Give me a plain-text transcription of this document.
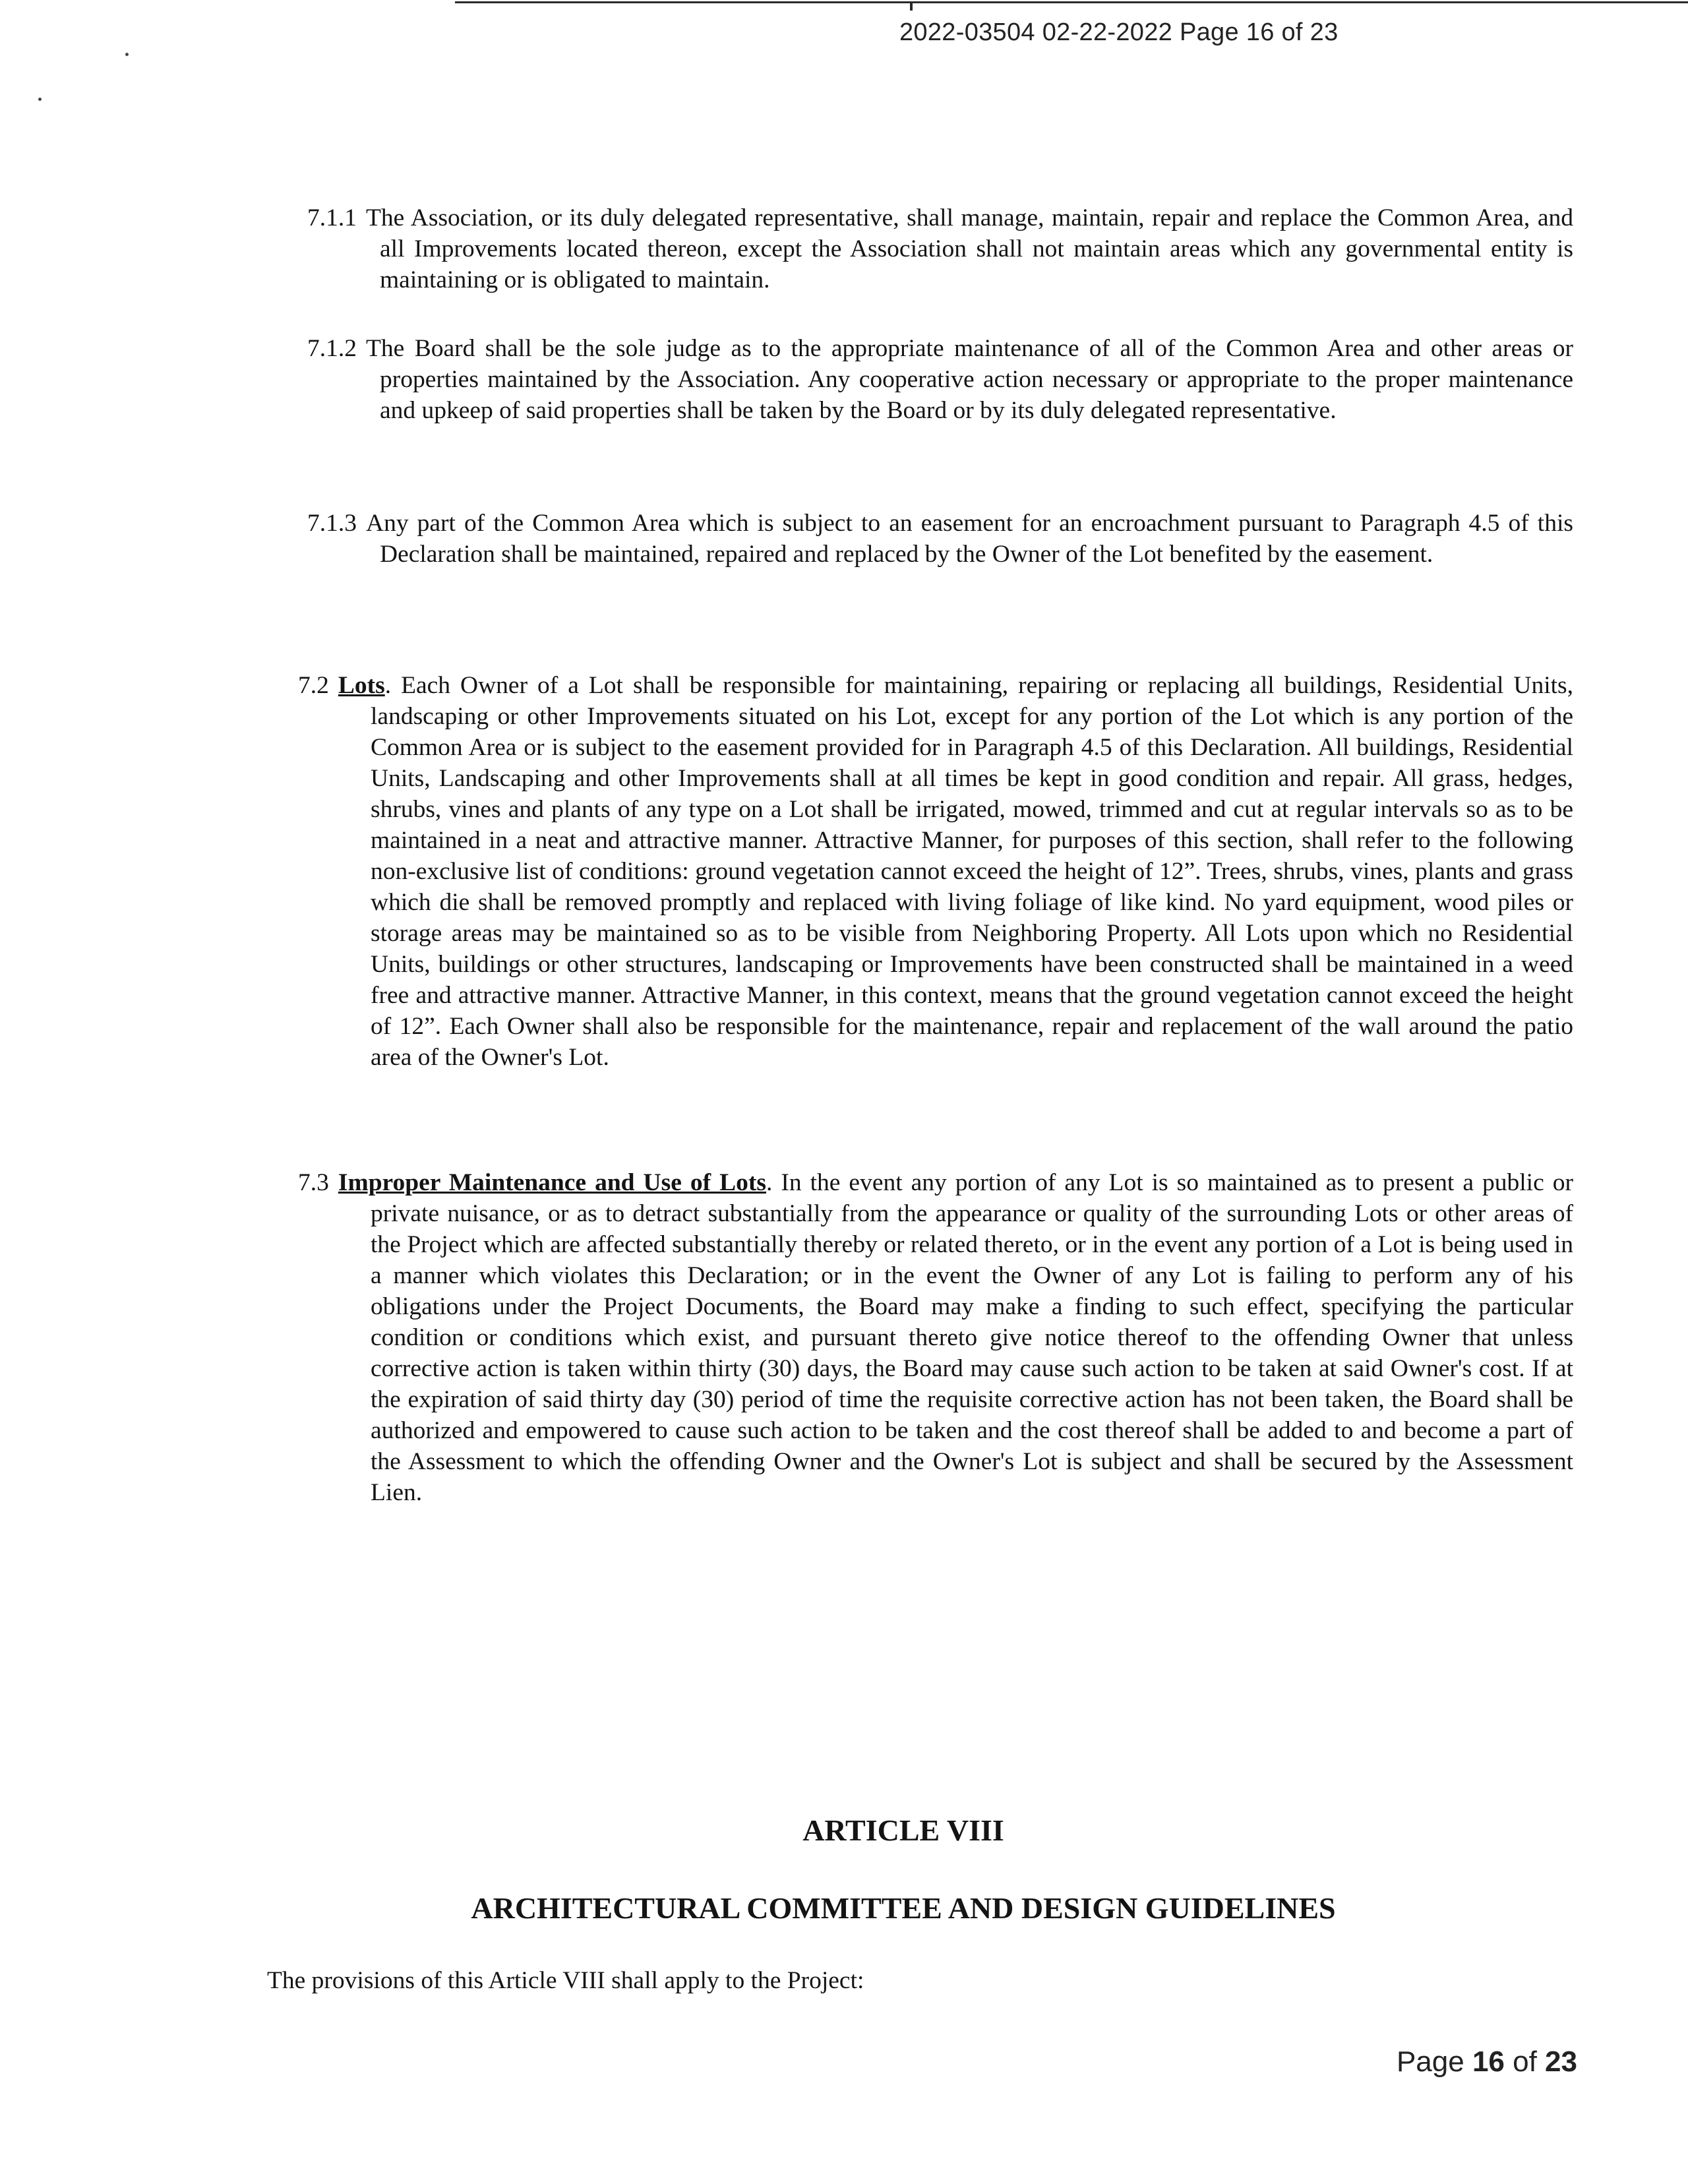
2022-03504 02-22-2022 Page 16 of 23

7.1.1 The Association, or its duly delegated representative, shall manage, maintain, repair and replace the Common Area, and all Improvements located thereon, except the Association shall not maintain areas which any governmental entity is maintaining or is obligated to maintain.

7.1.2 The Board shall be the sole judge as to the appropriate maintenance of all of the Common Area and other areas or properties maintained by the Association. Any cooperative action necessary or appropriate to the proper maintenance and upkeep of said properties shall be taken by the Board or by its duly delegated representative.

7.1.3 Any part of the Common Area which is subject to an easement for an encroachment pursuant to Paragraph 4.5 of this Declaration shall be maintained, repaired and replaced by the Owner of the Lot benefited by the easement.

7.2 Lots. Each Owner of a Lot shall be responsible for maintaining, repairing or replacing all buildings, Residential Units, landscaping or other Improvements situated on his Lot, except for any portion of the Lot which is any portion of the Common Area or is subject to the easement provided for in Paragraph 4.5 of this Declaration. All buildings, Residential Units, Landscaping and other Improvements shall at all times be kept in good condition and repair. All grass, hedges, shrubs, vines and plants of any type on a Lot shall be irrigated, mowed, trimmed and cut at regular intervals so as to be maintained in a neat and attractive manner. Attractive Manner, for purposes of this section, shall refer to the following non-exclusive list of conditions: ground vegetation cannot exceed the height of 12”. Trees, shrubs, vines, plants and grass which die shall be removed promptly and replaced with living foliage of like kind. No yard equipment, wood piles or storage areas may be maintained so as to be visible from Neighboring Property. All Lots upon which no Residential Units, buildings or other structures, landscaping or Improvements have been constructed shall be maintained in a weed free and attractive manner. Attractive Manner, in this context, means that the ground vegetation cannot exceed the height of 12”. Each Owner shall also be responsible for the maintenance, repair and replacement of the wall around the patio area of the Owner's Lot.

7.3 Improper Maintenance and Use of Lots. In the event any portion of any Lot is so maintained as to present a public or private nuisance, or as to detract substantially from the appearance or quality of the surrounding Lots or other areas of the Project which are affected substantially thereby or related thereto, or in the event any portion of a Lot is being used in a manner which violates this Declaration; or in the event the Owner of any Lot is failing to perform any of his obligations under the Project Documents, the Board may make a finding to such effect, specifying the particular condition or conditions which exist, and pursuant thereto give notice thereof to the offending Owner that unless corrective action is taken within thirty (30) days, the Board may cause such action to be taken at said Owner's cost. If at the expiration of said thirty day (30) period of time the requisite corrective action has not been taken, the Board shall be authorized and empowered to cause such action to be taken and the cost thereof shall be added to and become a part of the Assessment to which the offending Owner and the Owner's Lot is subject and shall be secured by the Assessment Lien.

ARTICLE VIII
ARCHITECTURAL COMMITTEE AND DESIGN GUIDELINES
The provisions of this Article VIII shall apply to the Project:
Page 16 of 23
